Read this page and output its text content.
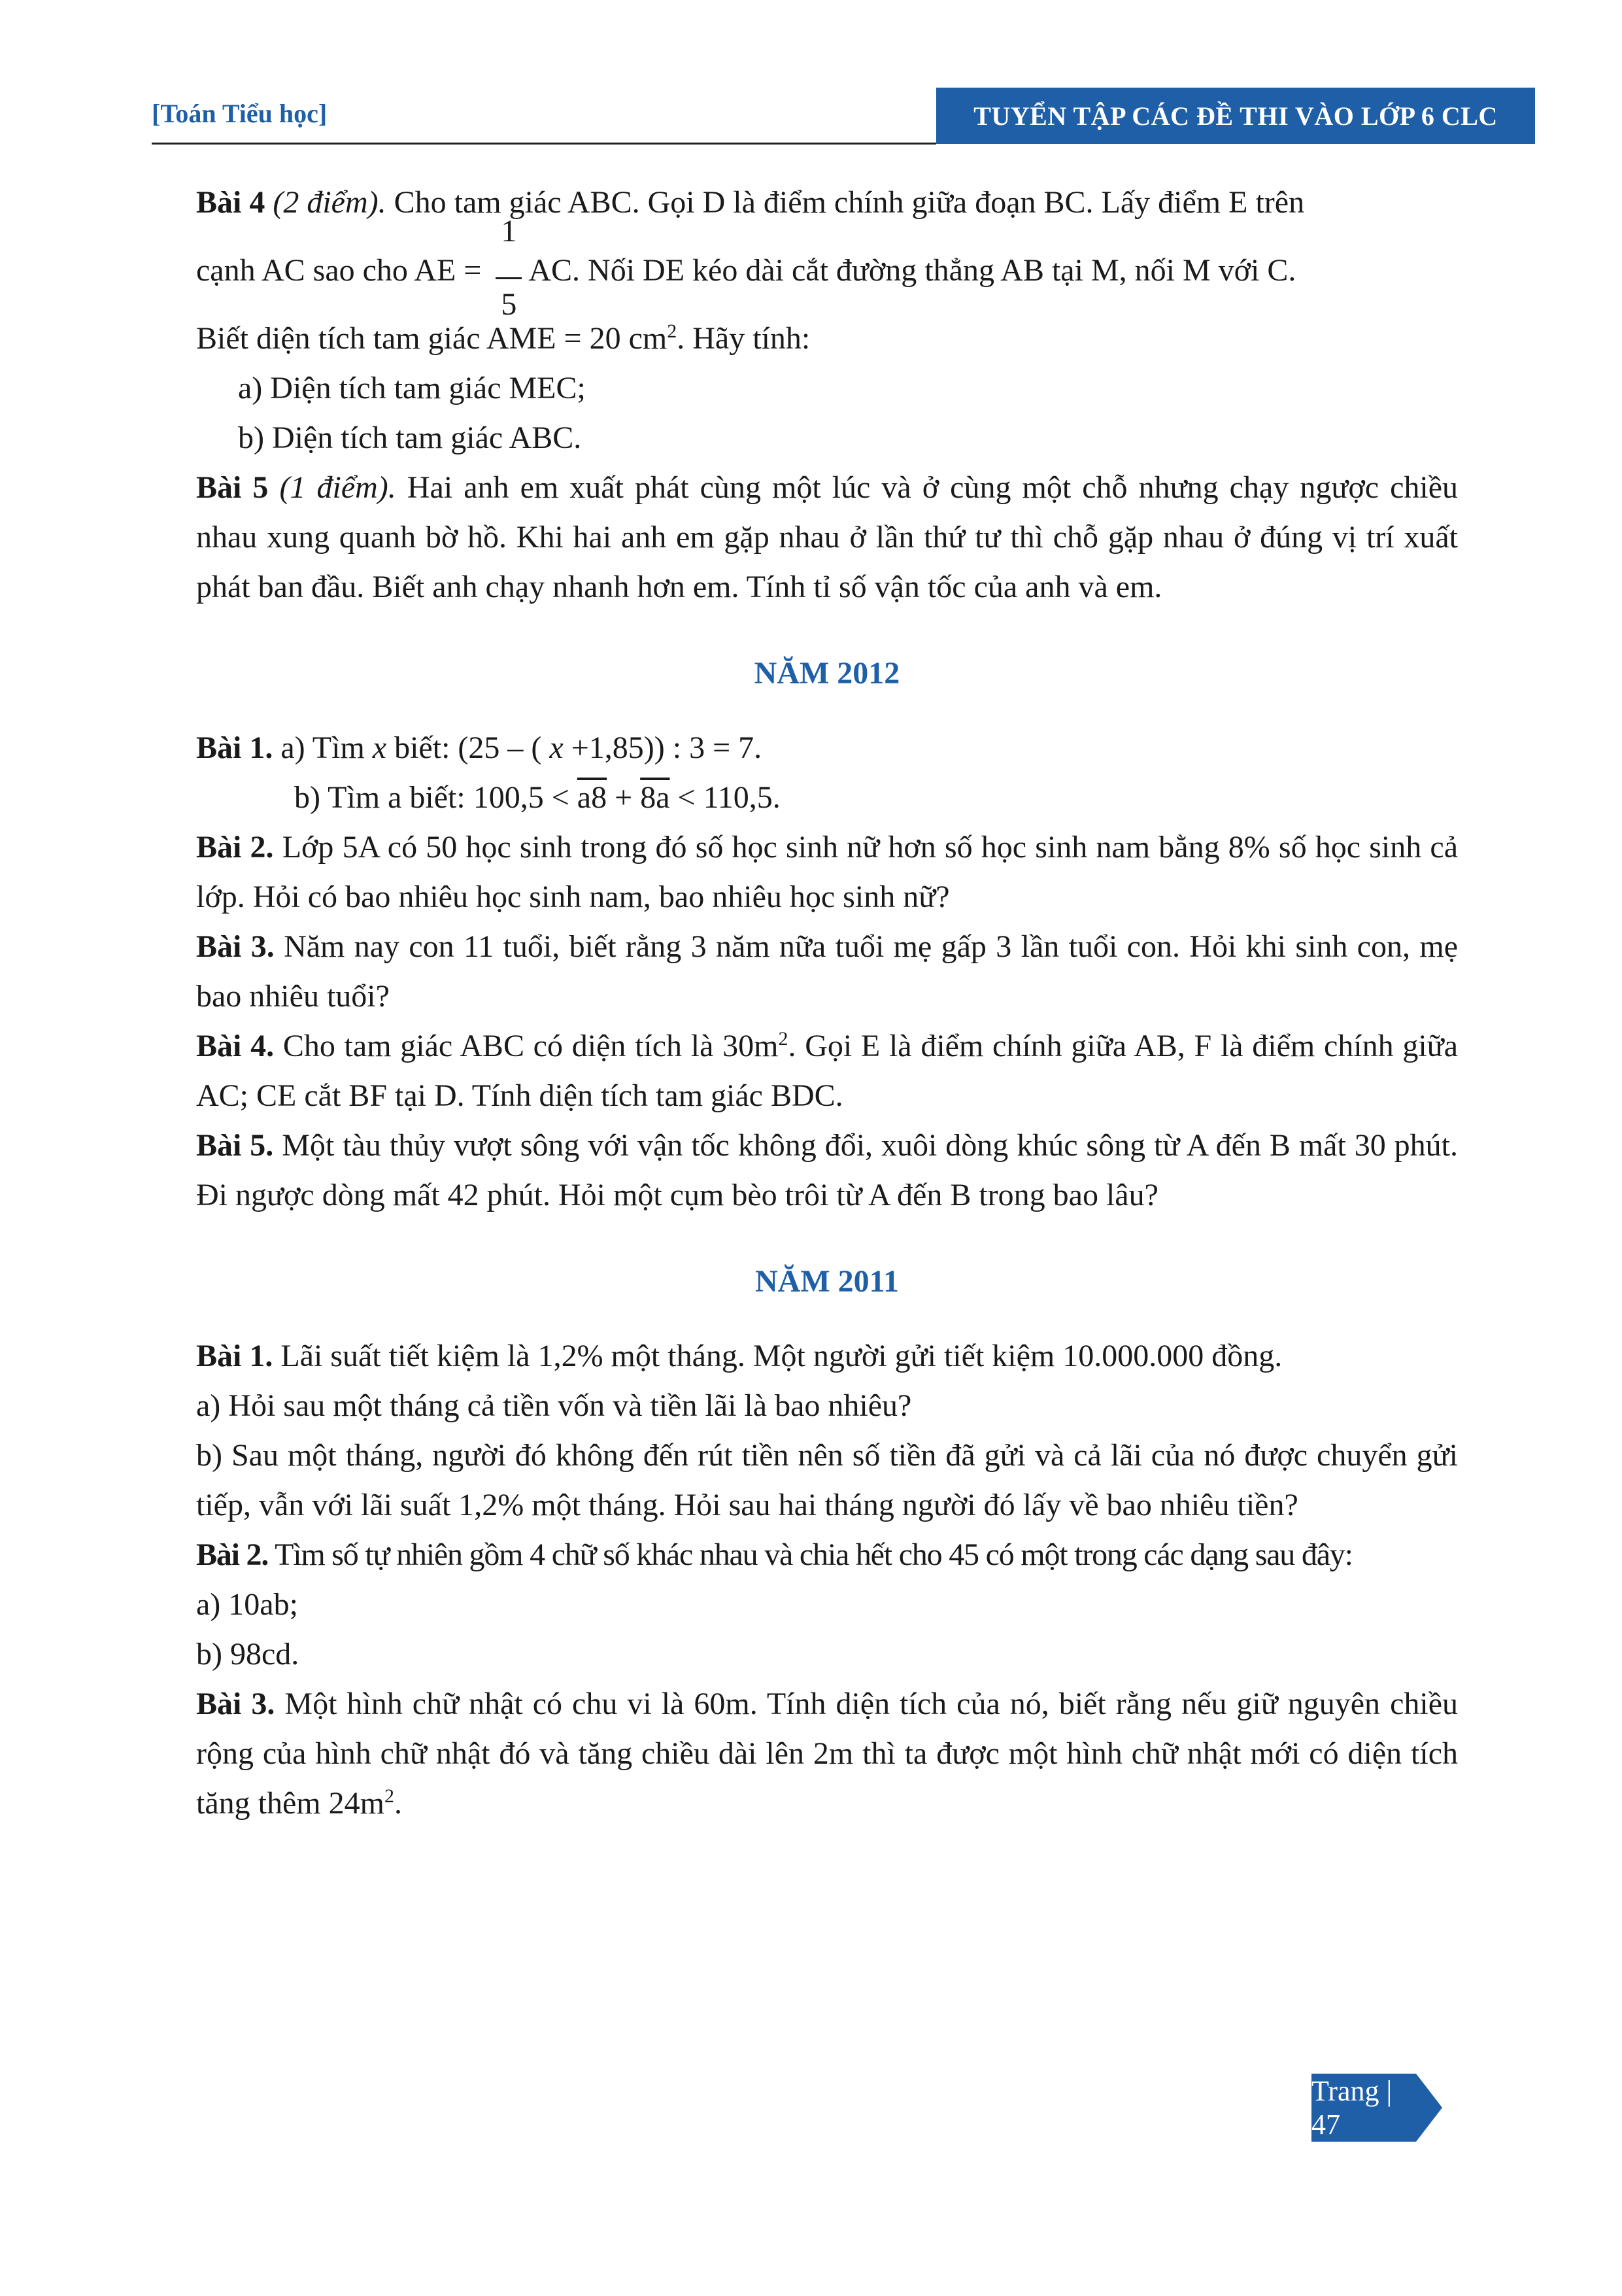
[Toán Tiểu học]	TUYỂN TẬP CÁC ĐỀ THI VÀO LỚP 6 CLC

Bài 4 (2 điểm). Cho tam giác ABC. Gọi D là điểm chính giữa đoạn BC. Lấy điểm E trên

cạnh AC sao cho AE = $\frac{1}{5}$ AC. Nối DE kéo dài cắt đường thẳng AB tại M, nối M với C.

Biết diện tích tam giác AME = 20 $cm^2$. Hãy tính:

a) Diện tích tam giác MEC;

b) Diện tích tam giác ABC.

Bài 5 (1 điểm). Hai anh em xuất phát cùng một lúc và ở cùng một chỗ nhưng chạy ngược chiều nhau xung quanh bờ hồ. Khi hai anh em gặp nhau ở lần thứ tư thì chỗ gặp nhau ở đúng vị trí xuất phát ban đầu. Biết anh chạy nhanh hơn em. Tính tỉ số vận tốc của anh và em.

NĂM 2012

Bài 1. a) Tìm x biết: (25 – ( x +1,85)) : 3 = 7.

b) Tìm a biết: 100,5 < a8 + 8a < 110,5.

Bài 2. Lớp 5A có 50 học sinh trong đó số học sinh nữ hơn số học sinh nam bằng 8% số học sinh cả lớp. Hỏi có bao nhiêu học sinh nam, bao nhiêu học sinh nữ?

Bài 3. Năm nay con 11 tuổi, biết rằng 3 năm nữa tuổi mẹ gấp 3 lần tuổi con. Hỏi khi sinh con, mẹ bao nhiêu tuổi?

Bài 4. Cho tam giác ABC có diện tích là $30m^2$. Gọi E là điểm chính giữa AB, F là điểm chính giữa AC; CE cắt BF tại D. Tính diện tích tam giác BDC.

Bài 5. Một tàu thủy vượt sông với vận tốc không đổi, xuôi dòng khúc sông từ A đến B mất 30 phút. Đi ngược dòng mất 42 phút. Hỏi một cụm bèo trôi từ A đến B trong bao lâu?

NĂM 2011

Bài 1. Lãi suất tiết kiệm là 1,2% một tháng. Một người gửi tiết kiệm 10.000.000 đồng.

a) Hỏi sau một tháng cả tiền vốn và tiền lãi là bao nhiêu?

b) Sau một tháng, người đó không đến rút tiền nên số tiền đã gửi và cả lãi của nó được chuyển gửi tiếp, vẫn với lãi suất 1,2% một tháng. Hỏi sau hai tháng người đó lấy về bao nhiêu tiền?

Bài 2. Tìm số tự nhiên gồm 4 chữ số khác nhau và chia hết cho 45 có một trong các dạng sau đây:

a) 10ab;

b) 98cd.

Bài 3. Một hình chữ nhật có chu vi là 60m. Tính diện tích của nó, biết rằng nếu giữ nguyên chiều rộng của hình chữ nhật đó và tăng chiều dài lên 2m thì ta được một hình chữ nhật mới có diện tích tăng thêm $24m^2$.

Trang | 47
